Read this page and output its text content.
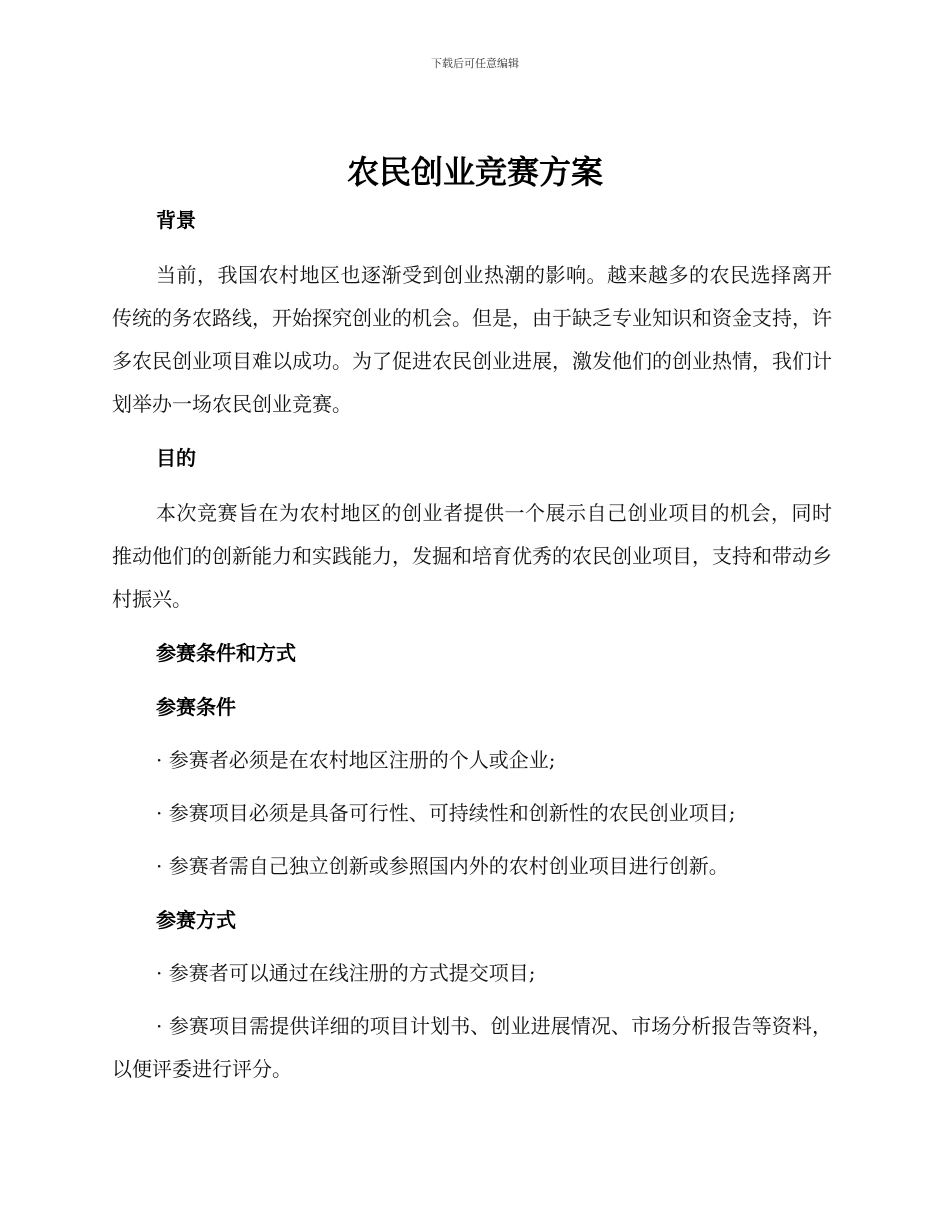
下载后可任意编辑
农民创业竞赛方案
背景

当前，我国农村地区也逐渐受到创业热潮的影响。越来越多的农民选择离开传统的务农路线，开始探究创业的机会。但是，由于缺乏专业知识和资金支持，许多农民创业项目难以成功。为了促进农民创业进展，激发他们的创业热情，我们计划举办一场农民创业竞赛。

目的

本次竞赛旨在为农村地区的创业者提供一个展示自己创业项目的机会，同时推动他们的创新能力和实践能力，发掘和培育优秀的农民创业项目，支持和带动乡村振兴。

参赛条件和方式
参赛条件

· 参赛者必须是在农村地区注册的个人或企业;

· 参赛项目必须是具备可行性、可持续性和创新性的农民创业项目;

· 参赛者需自己独立创新或参照国内外的农村创业项目进行创新。

参赛方式

· 参赛者可以通过在线注册的方式提交项目;

· 参赛项目需提供详细的项目计划书、创业进展情况、市场分析报告等资料，以便评委进行评分。
